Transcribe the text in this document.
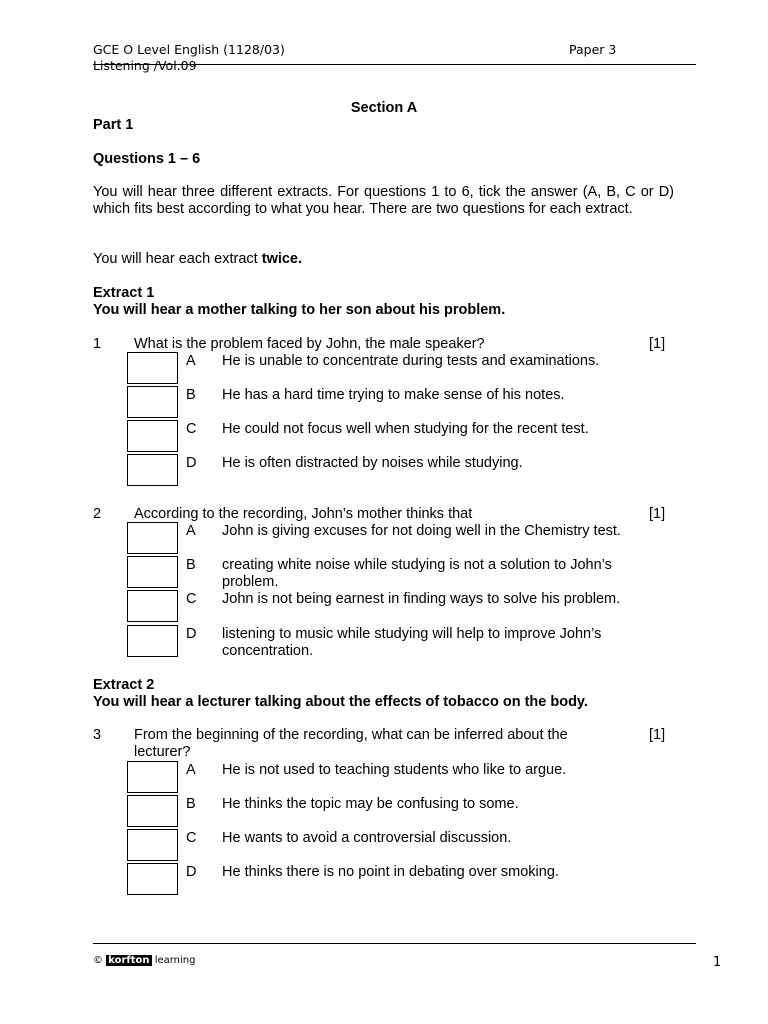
GCE O Level English (1128/03)
Listening /Vol.09
Paper 3
Section A
Part 1
Questions 1 – 6
You will hear three different extracts. For questions 1 to 6, tick the answer (A, B, C or D) which fits best according to what you hear. There are two questions for each extract.
You will hear each extract twice.
Extract 1
You will hear a mother talking to her son about his problem.
1 What is the problem faced by John, the male speaker?	[1]
A He is unable to concentrate during tests and examinations.
B He has a hard time trying to make sense of his notes.
C He could not focus well when studying for the recent test.
D He is often distracted by noises while studying.
2 According to the recording, John’s mother thinks that	[1]
A John is giving excuses for not doing well in the Chemistry test.
B creating white noise while studying is not a solution to John’s problem.
C John is not being earnest in finding ways to solve his problem.
D listening to music while studying will help to improve John’s concentration.
Extract 2
You will hear a lecturer talking about the effects of tobacco on the body.
3 From the beginning of the recording, what can be inferred about the lecturer?
[1]
A He is not used to teaching students who like to argue.
B He thinks the topic may be confusing to some.
C He wants to avoid a controversial discussion.
D He thinks there is no point in debating over smoking.
© korfton learning	1
